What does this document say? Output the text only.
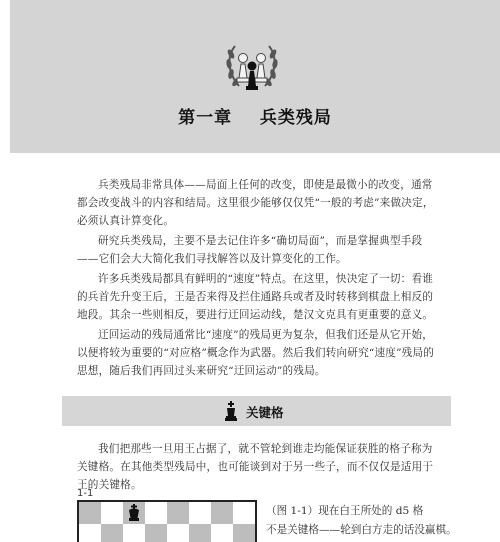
第一章    兵类残局

兵类残局非常具体——局面上任何的改变，即使是最微小的改变，通常都会改变战斗的内容和结局。这里很少能够仅仅凭“一般的考虑”来做决定，必须认真计算变化。

研究兵类残局，主要不是去记住许多“确切局面”，而是掌握典型手段——它们会大大简化我们寻找解答以及计算变化的工作。

许多兵类残局都具有鲜明的“速度”特点。在这里，快决定了一切：看谁的兵首先升变王后，王是否来得及拦住通路兵或者及时转移到棋盘上相反的地段。其余一些则相反，要进行迂回运动线，楚汉文克具有更重要的意义。

迂回运动的残局通常比“速度”的残局更为复杂，但我们还是从它开始，以便将较为重要的“对应格”概念作为武器。然后我们转向研究“速度”残局的思想，随后我们再回过头来研究“迂回运动”的残局。

关键格

我们把那些一旦用王占据了，就不管轮到谁走均能保证获胜的格子称为关键格。在其他类型残局中，也可能谈到对于另一些子，而不仅仅是适用于王的关键格。

1-1

（图 1-1）现在白王所处的 d5 格

不是关键格——轮到白方走的话没赢棋。
